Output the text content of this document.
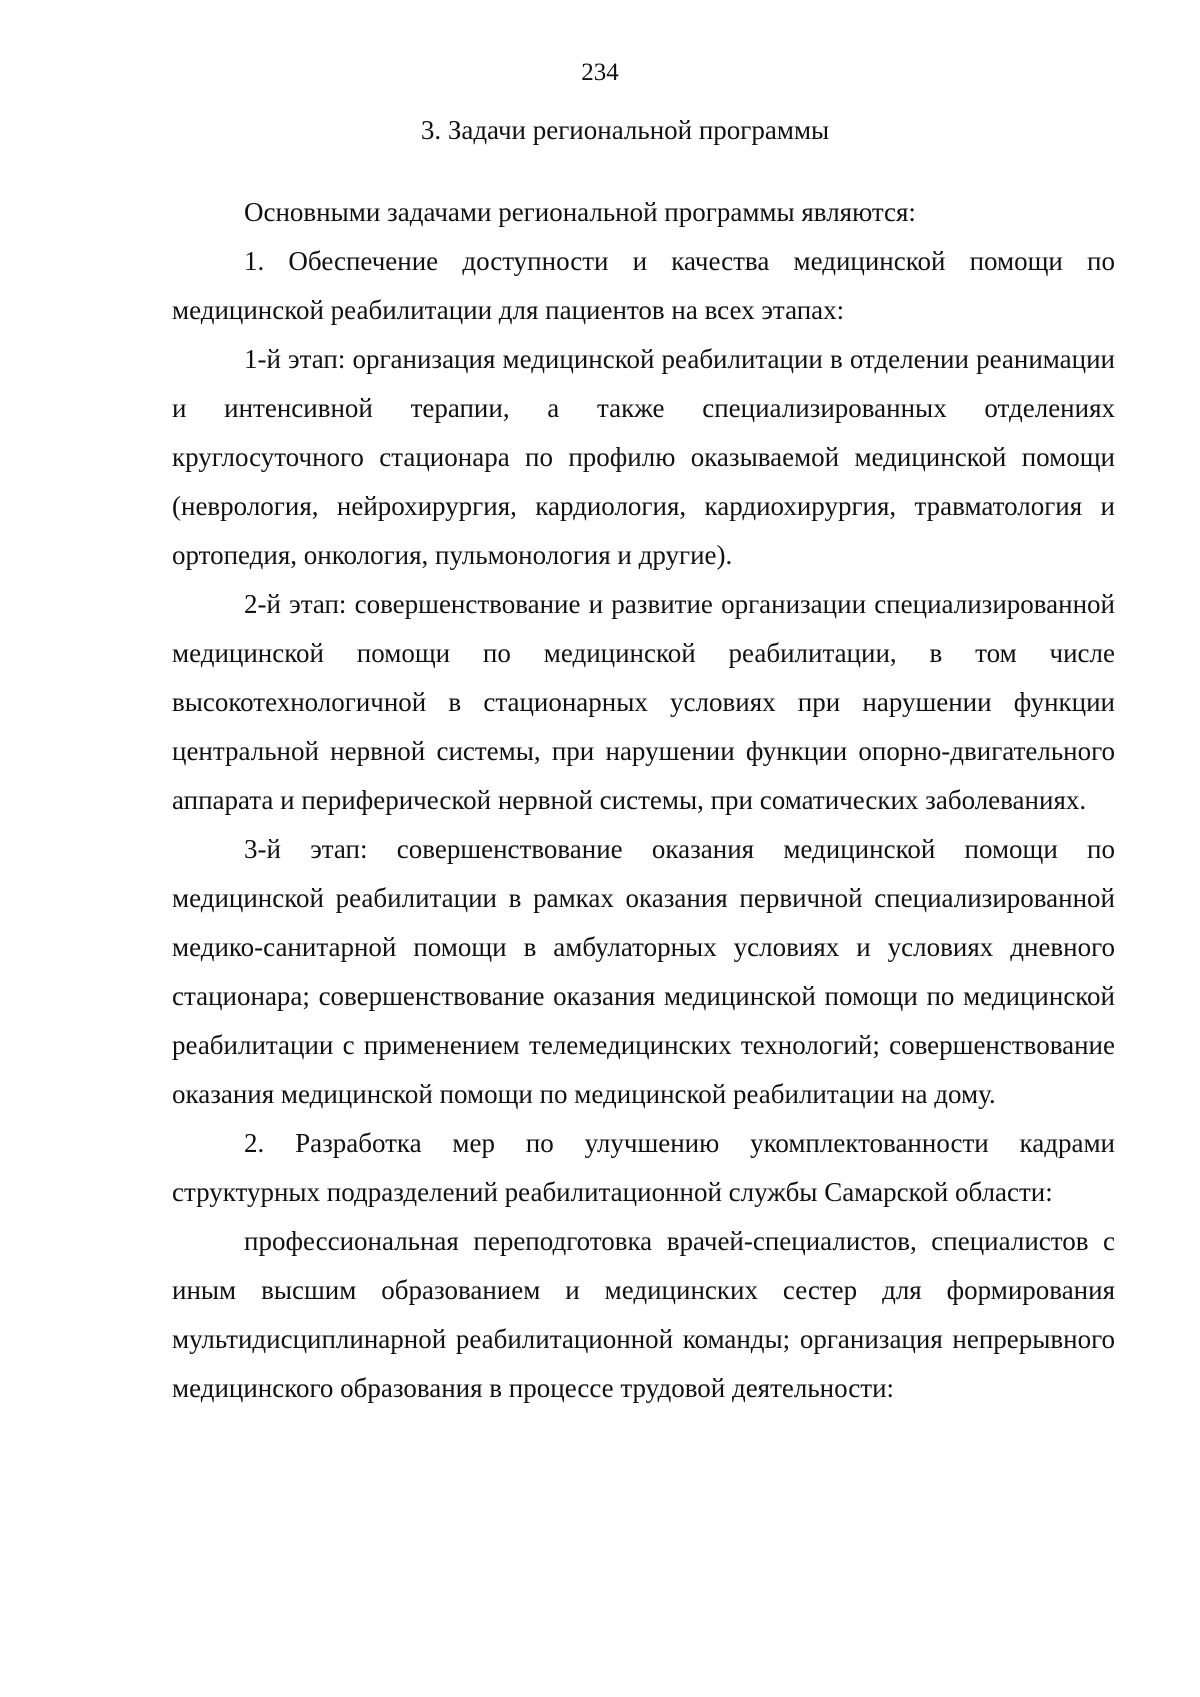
234
3. Задачи региональной программы

Основными задачами региональной программы являются:

1. Обеспечение доступности и качества медицинской помощи по медицинской реабилитации для пациентов на всех этапах:

1-й этап: организация медицинской реабилитации в отделении реанимации и интенсивной терапии, а также специализированных отделениях круглосуточного стационара по профилю оказываемой медицинской помощи (неврология, нейрохирургия, кардиология, кардиохирургия, травматология и ортопедия, онкология, пульмонология и другие).

2-й этап: совершенствование и развитие организации специализированной медицинской помощи по медицинской реабилитации, в том числе высокотехнологичной в стационарных условиях при нарушении функции центральной нервной системы, при нарушении функции опорно-двигательного аппарата и периферической нервной системы, при соматических заболеваниях.

3-й этап: совершенствование оказания медицинской помощи по медицинской реабилитации в рамках оказания первичной специализированной медико-санитарной помощи в амбулаторных условиях и условиях дневного стационара; совершенствование оказания медицинской помощи по медицинской реабилитации с применением телемедицинских технологий; совершенствование оказания медицинской помощи по медицинской реабилитации на дому.

2. Разработка мер по улучшению укомплектованности кадрами структурных подразделений реабилитационной службы Самарской области:

профессиональная переподготовка врачей-специалистов, специалистов с иным высшим образованием и медицинских сестер для формирования мультидисциплинарной реабилитационной команды; организация непрерывного медицинского образования в процессе трудовой деятельности:
